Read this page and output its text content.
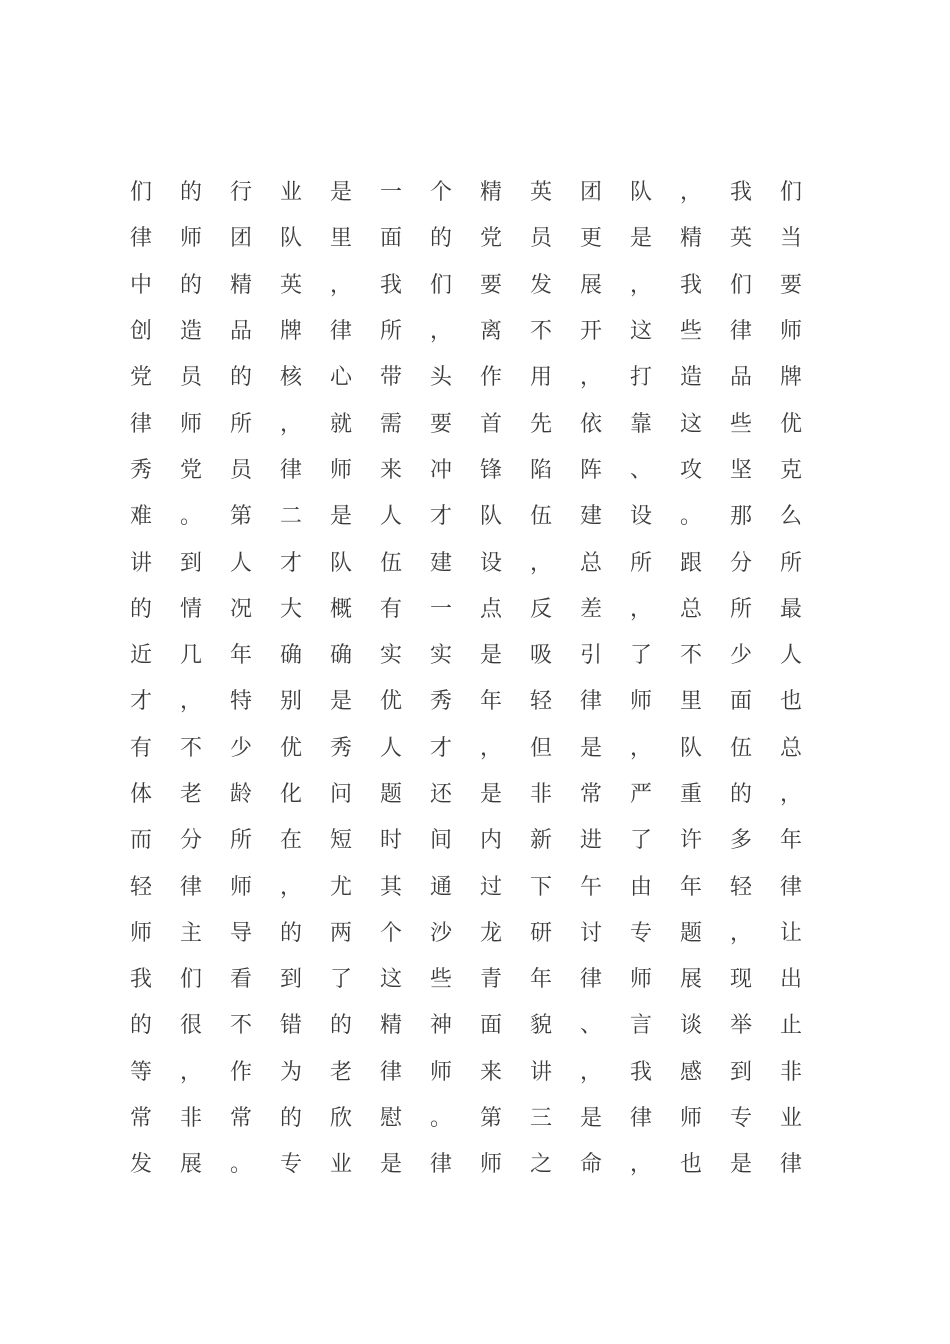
们	的	行	业	是	一	个	精	英	团	队	，	我	们
律	师	团	队	里	面	的	党	员	更	是	精	英	当
中	的	精	英	，	我	们	要	发	展	，	我	们	要
创	造	品	牌	律	所	，	离	不	开	这	些	律	师
党	员	的	核	心	带	头	作	用	，	打	造	品	牌
律	师	所	，	就	需	要	首	先	依	靠	这	些	优
秀	党	员	律	师	来	冲	锋	陷	阵	、	攻	坚	克
难	。	第	二	是	人	才	队	伍	建	设	。	那	么
讲	到	人	才	队	伍	建	设	，	总	所	跟	分	所
的	情	况	大	概	有	一	点	反	差	，	总	所	最
近	几	年	确	确	实	实	是	吸	引	了	不	少	人
才	，	特	别	是	优	秀	年	轻	律	师	里	面	也
有	不	少	优	秀	人	才	，	但	是	，	队	伍	总
体	老	龄	化	问	题	还	是	非	常	严	重	的	，
而	分	所	在	短	时	间	内	新	进	了	许	多	年
轻	律	师	，	尤	其	通	过	下	午	由	年	轻	律
师	主	导	的	两	个	沙	龙	研	讨	专	题	，	让
我	们	看	到	了	这	些	青	年	律	师	展	现	出
的	很	不	错	的	精	神	面	貌	、	言	谈	举	止
等	，	作	为	老	律	师	来	讲	，	我	感	到	非
常	非	常	的	欣	慰	。	第	三	是	律	师	专	业
发	展	。	专	业	是	律	师	之	命	，	也	是	律
